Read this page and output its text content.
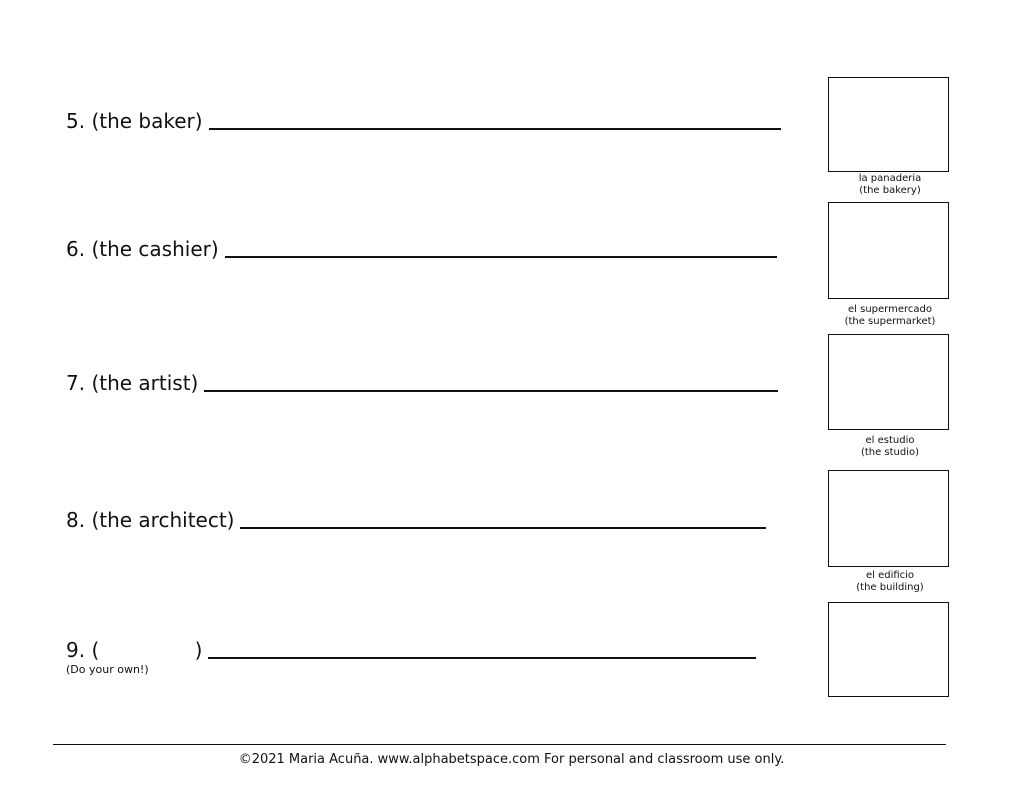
5. (the baker)
6. (the cashier)
7. (the artist)
8. (the architect)
9. (               )
(Do your own!)
la panaderia
(the bakery)
el supermercado
(the supermarket)
el estudio
(the studio)
el edificio
(the building)
©2021 Maria Acuña. www.alphabetspace.com For personal and classroom use only.
